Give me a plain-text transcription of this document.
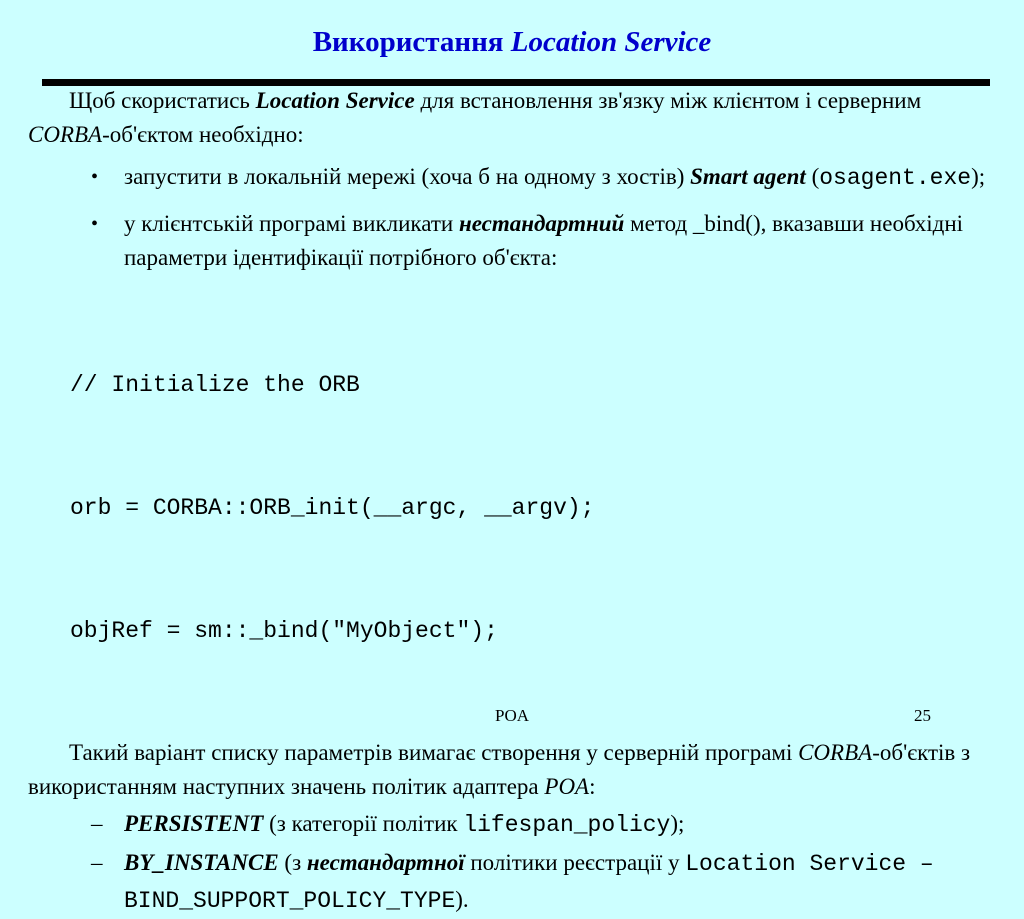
Використання Location Service

Щоб скористатись Location Service для встановлення зв'язку між клієнтом і серверним CORBA-об'єктом необхідно:

• запустити в локальній мережі (хоча б на одному з хостів) Smart agent (osagent.exe);
• у клієнтській програмі викликати нестандартний метод _bind(), вказавши необхідні параметри ідентифікації потрібного об'єкта:

// Initialize the ORB

orb = CORBA::ORB_init(__argc, __argv);

objRef = sm::_bind("MyObject");

Такий варіант списку параметрів вимагає створення у серверній програмі CORBA-об'єктів з використанням наступних значень політик адаптера POA:

– PERSISTENT (з категорії політик lifespan_policy);
– BY_INSTANCE (з нестандартної політики реєстрації у Location Service – BIND_SUPPORT_POLICY_TYPE).
POA	25
